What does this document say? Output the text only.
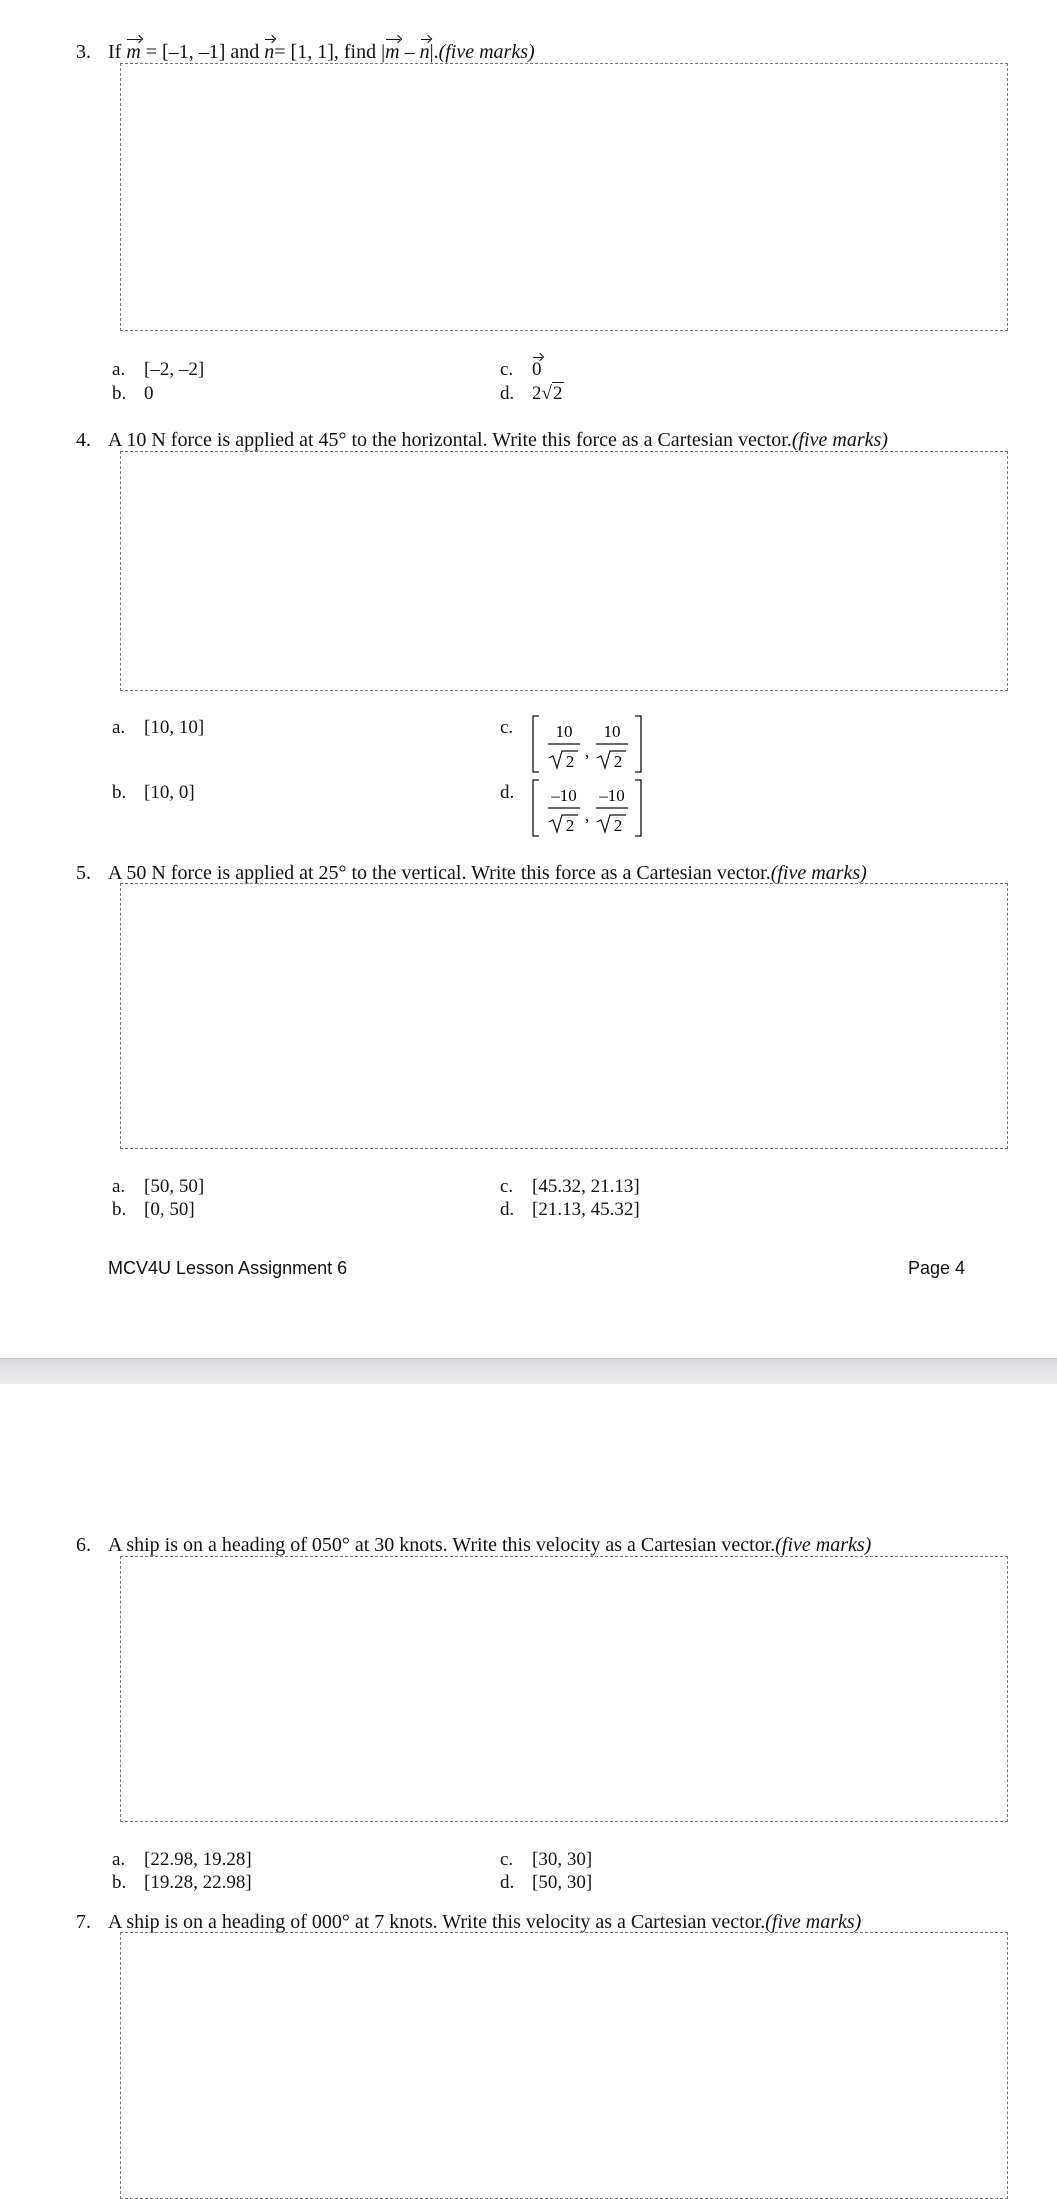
3. If m = [–1, –1] and n= [1, 1], find |m – n|.(five marks)
a. [–2, –2]
b. 0
c. 0
d. 2√2
4. A 10 N force is applied at 45° to the horizontal. Write this force as a Cartesian vector.(five marks)
a. [10, 10]
b. [10, 0]
c.	10
2
,
10
2
d.	–10
2
,
–10
2
5. A 50 N force is applied at 25° to the vertical. Write this force as a Cartesian vector.(five marks)
a. [50, 50]
b. [0, 50]
c. [45.32, 21.13]
d. [21.13, 45.32]
MCV4U Lesson Assignment 6	Page 4
6. A ship is on a heading of 050° at 30 knots. Write this velocity as a Cartesian vector.(five marks)
a. [22.98, 19.28]
b. [19.28, 22.98]
c. [30, 30]
d. [50, 30]
7. A ship is on a heading of 000° at 7 knots. Write this velocity as a Cartesian vector.(five marks)
